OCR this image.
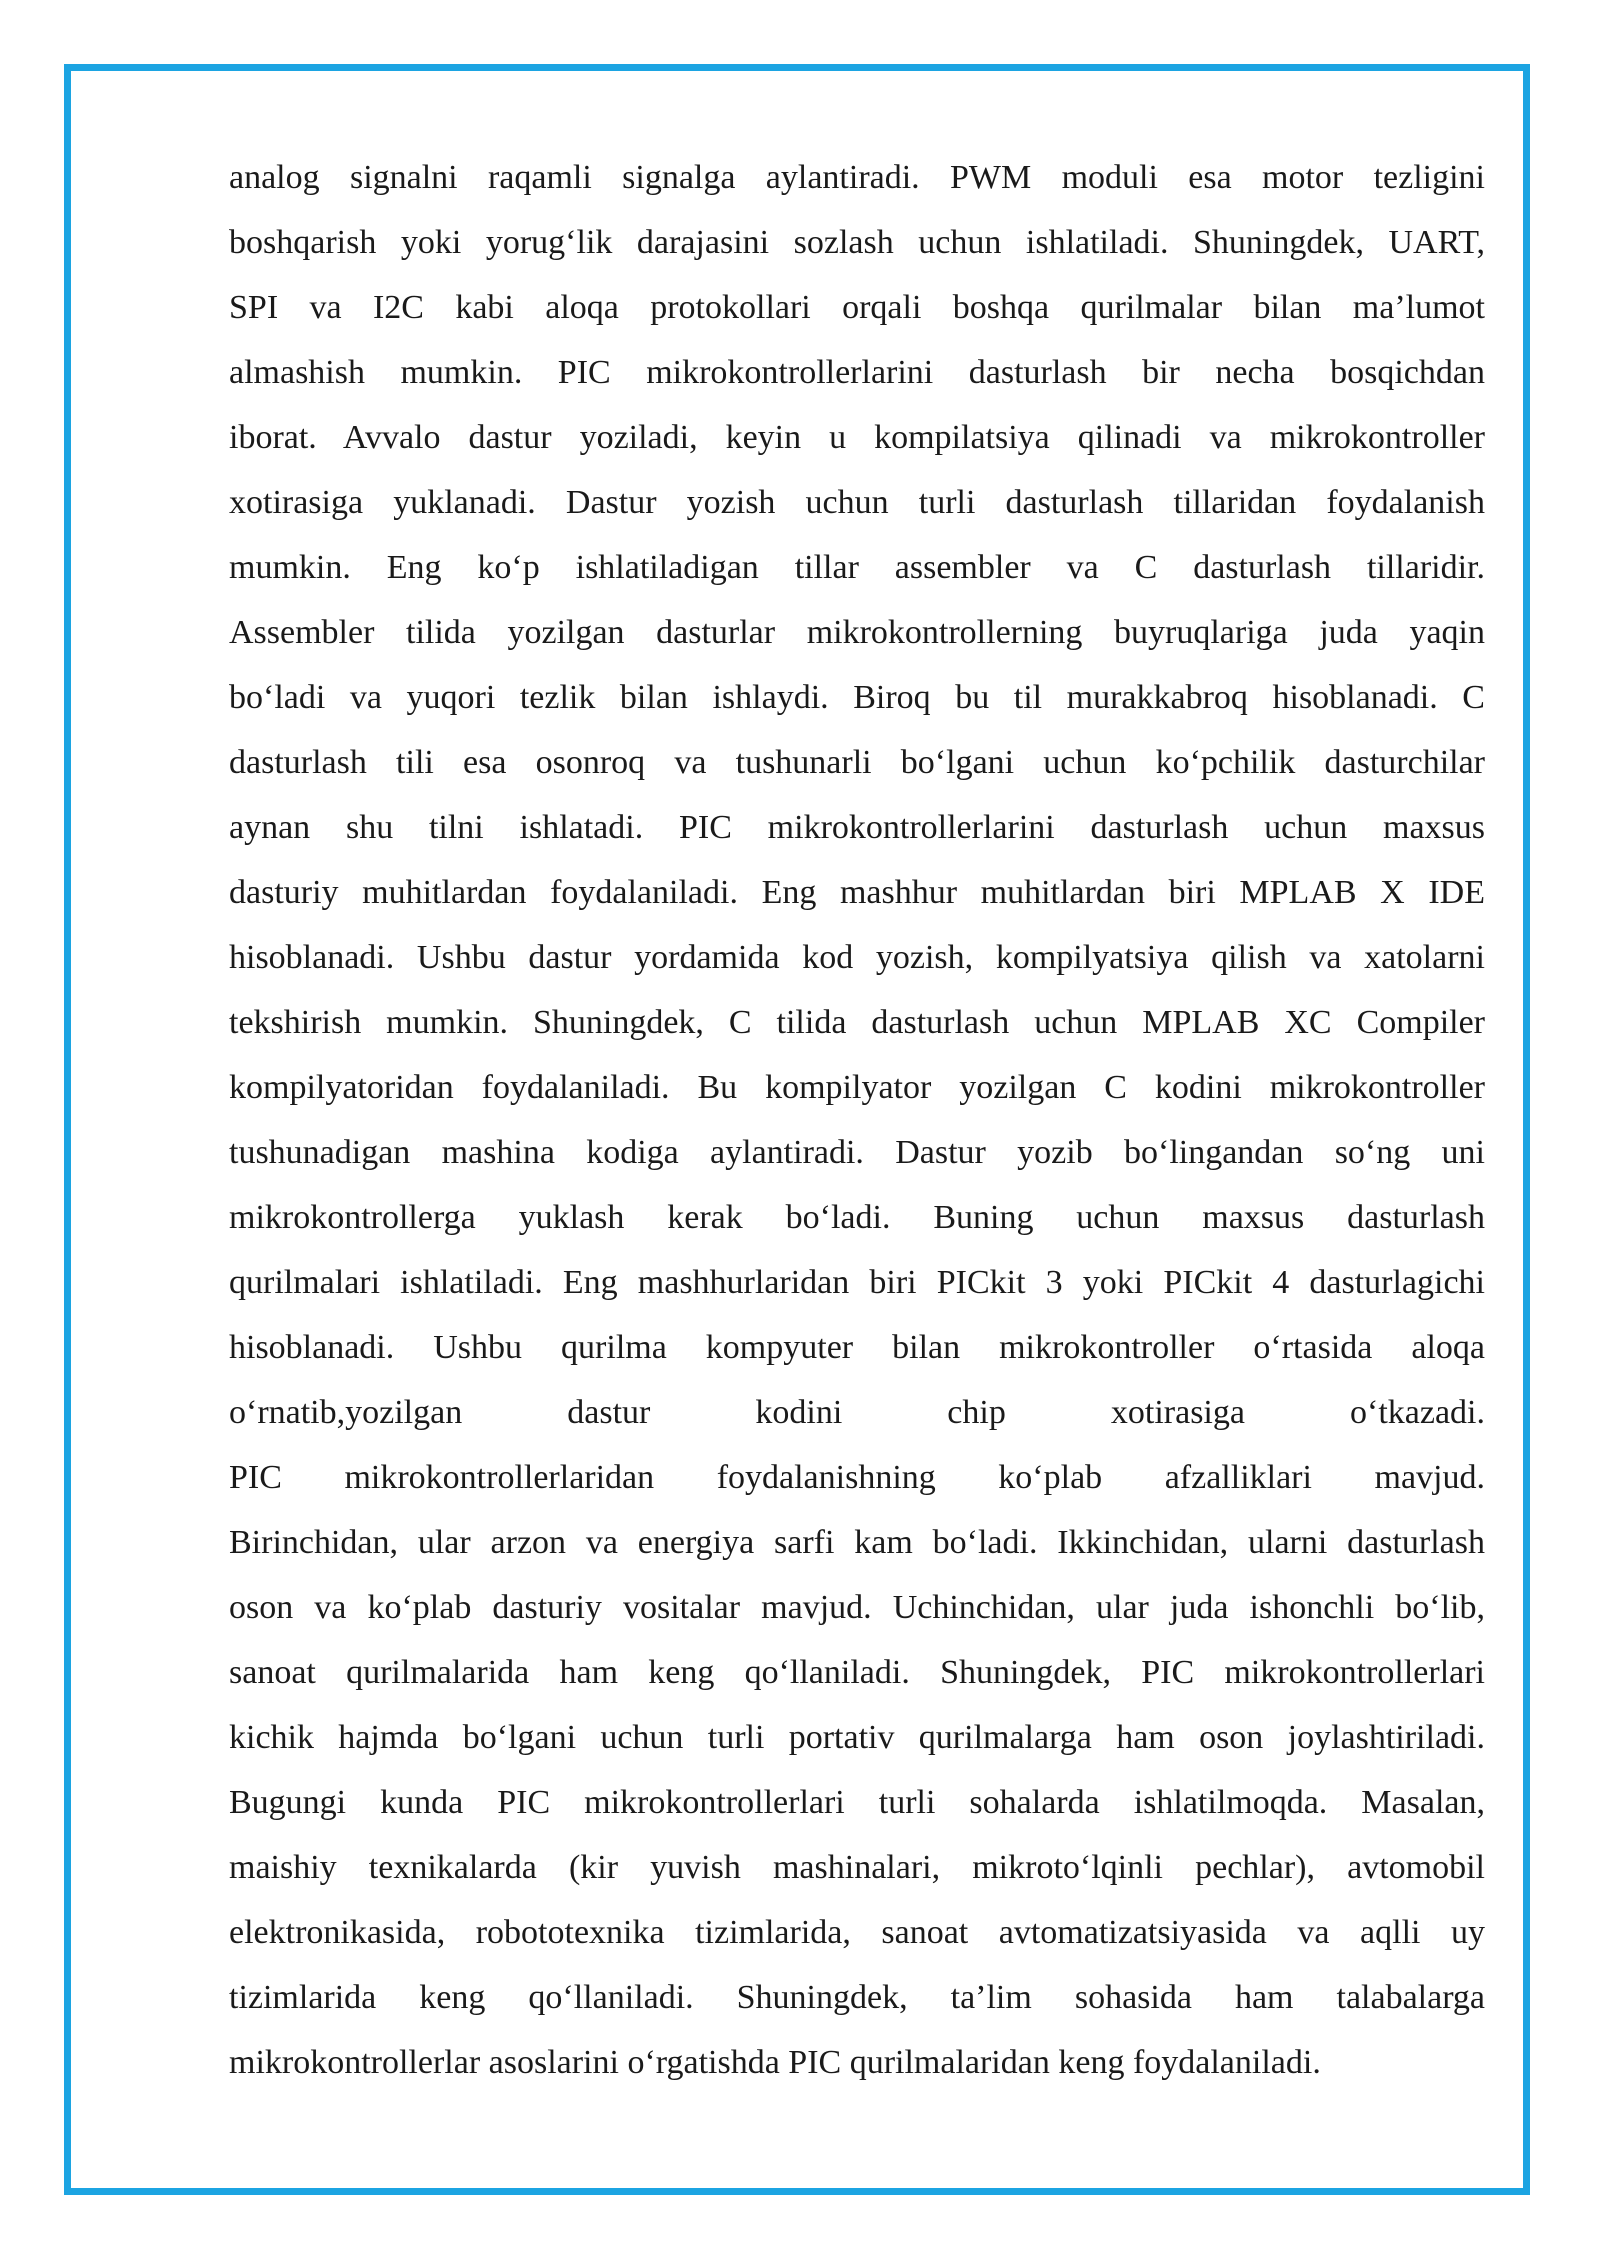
analog signalni raqamli signalga aylantiradi. PWM moduli esa motor tezligini
boshqarish yoki yorug‘lik darajasini sozlash uchun ishlatiladi. Shuningdek, UART,
SPI va I2C kabi aloqa protokollari orqali boshqa qurilmalar bilan ma’lumot
almashish mumkin. PIC mikrokontrollerlarini dasturlash bir necha bosqichdan
iborat. Avvalo dastur yoziladi, keyin u kompilatsiya qilinadi va mikrokontroller
xotirasiga yuklanadi. Dastur yozish uchun turli dasturlash tillaridan foydalanish
mumkin. Eng ko‘p ishlatiladigan tillar assembler va C dasturlash tillaridir.
Assembler tilida yozilgan dasturlar mikrokontrollerning buyruqlariga juda yaqin
bo‘ladi va yuqori tezlik bilan ishlaydi. Biroq bu til murakkabroq hisoblanadi. C
dasturlash tili esa osonroq va tushunarli bo‘lgani uchun ko‘pchilik dasturchilar
aynan shu tilni ishlatadi. PIC mikrokontrollerlarini dasturlash uchun maxsus
dasturiy muhitlardan foydalaniladi. Eng mashhur muhitlardan biri MPLAB X IDE
hisoblanadi. Ushbu dastur yordamida kod yozish, kompilyatsiya qilish va xatolarni
tekshirish mumkin. Shuningdek, C tilida dasturlash uchun MPLAB XC Compiler
kompilyatoridan foydalaniladi. Bu kompilyator yozilgan C kodini mikrokontroller
tushunadigan mashina kodiga aylantiradi. Dastur yozib bo‘lingandan so‘ng uni
mikrokontrollerga yuklash kerak bo‘ladi. Buning uchun maxsus dasturlash
qurilmalari ishlatiladi. Eng mashhurlaridan biri PICkit 3 yoki PICkit 4 dasturlagichi
hisoblanadi. Ushbu qurilma kompyuter bilan mikrokontroller o‘rtasida aloqa
o‘rnatib,yozilgan dastur kodini chip xotirasiga o‘tkazadi.
PIC mikrokontrollerlaridan foydalanishning ko‘plab afzalliklari mavjud.
Birinchidan, ular arzon va energiya sarfi kam bo‘ladi. Ikkinchidan, ularni dasturlash
oson va ko‘plab dasturiy vositalar mavjud. Uchinchidan, ular juda ishonchli bo‘lib,
sanoat qurilmalarida ham keng qo‘llaniladi. Shuningdek, PIC mikrokontrollerlari
kichik hajmda bo‘lgani uchun turli portativ qurilmalarga ham oson joylashtiriladi.
Bugungi kunda PIC mikrokontrollerlari turli sohalarda ishlatilmoqda. Masalan,
maishiy texnikalarda (kir yuvish mashinalari, mikroto‘lqinli pechlar), avtomobil
elektronikasida, robototexnika tizimlarida, sanoat avtomatizatsiyasida va aqlli uy
tizimlarida keng qo‘llaniladi. Shuningdek, ta’lim sohasida ham talabalarga
mikrokontrollerlar asoslarini o‘rgatishda PIC qurilmalaridan keng foydalaniladi.
